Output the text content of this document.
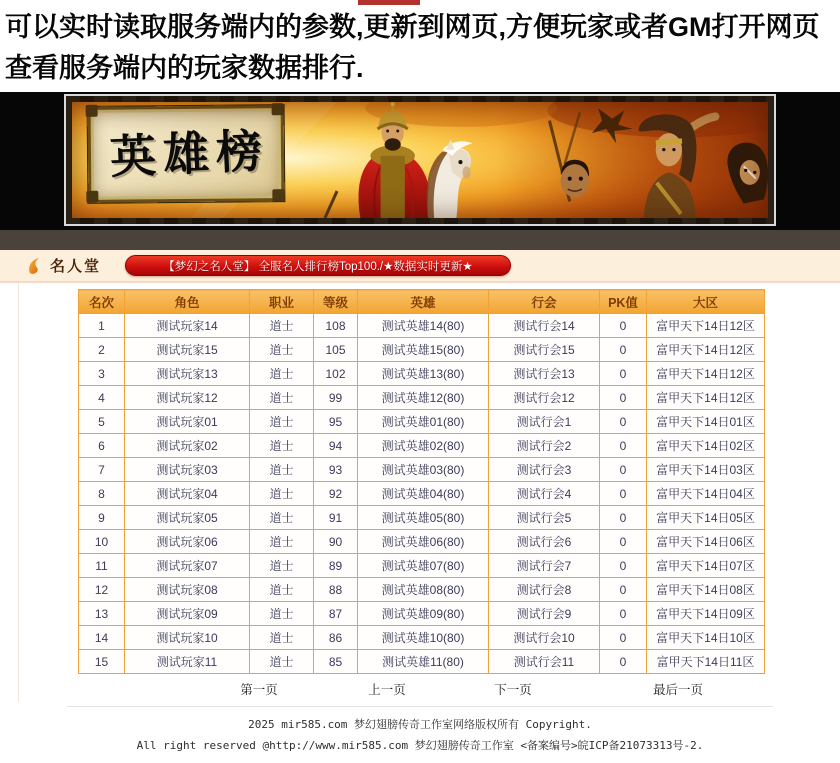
可以实时读取服务端内的参数,更新到网页,方便玩家或者GM打开网页查看服务端内的玩家数据排行.
英雄榜
名人堂	【梦幻之名人堂】 全服名人排行榜Top100./★数据实时更新★
名次	角色	职业	等级	英雄	行会	PK值	大区
1	测试玩家14	道士	108	测试英雄14(80)	测试行会14	0	富甲天下14日12区
2	测试玩家15	道士	105	测试英雄15(80)	测试行会15	0	富甲天下14日12区
3	测试玩家13	道士	102	测试英雄13(80)	测试行会13	0	富甲天下14日12区
4	测试玩家12	道士	99	测试英雄12(80)	测试行会12	0	富甲天下14日12区
5	测试玩家01	道士	95	测试英雄01(80)	测试行会1	0	富甲天下14日01区
6	测试玩家02	道士	94	测试英雄02(80)	测试行会2	0	富甲天下14日02区
7	测试玩家03	道士	93	测试英雄03(80)	测试行会3	0	富甲天下14日03区
8	测试玩家04	道士	92	测试英雄04(80)	测试行会4	0	富甲天下14日04区
9	测试玩家05	道士	91	测试英雄05(80)	测试行会5	0	富甲天下14日05区
10	测试玩家06	道士	90	测试英雄06(80)	测试行会6	0	富甲天下14日06区
11	测试玩家07	道士	89	测试英雄07(80)	测试行会7	0	富甲天下14日07区
12	测试玩家08	道士	88	测试英雄08(80)	测试行会8	0	富甲天下14日08区
13	测试玩家09	道士	87	测试英雄09(80)	测试行会9	0	富甲天下14日09区
14	测试玩家10	道士	86	测试英雄10(80)	测试行会10	0	富甲天下14日10区
15	测试玩家11	道士	85	测试英雄11(80)	测试行会11	0	富甲天下14日11区
第一页	上一页	下一页	最后一页
2025 mir585.com 梦幻翅膀传奇工作室网络版权所有 Copyright.
All right reserved @http://www.mir585.com 梦幻翅膀传奇工作室 <备案编号>皖ICP备21073313号-2.
